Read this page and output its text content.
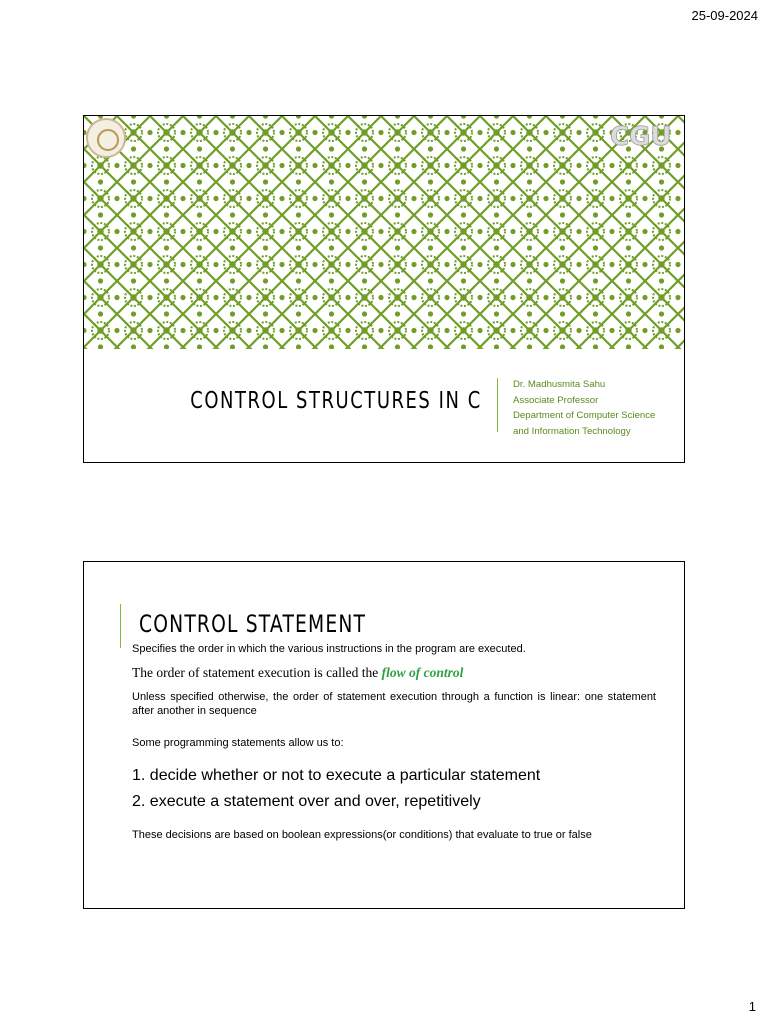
25-09-2024
CGU
CONTROL STRUCTURES IN C
Dr. Madhusmita Sahu
Associate Professor
Department of Computer Science
and Information Technology
CONTROL STATEMENT
Specifies the order in which the various instructions in the program are executed.
The order of statement execution is called the flow of control
Unless specified otherwise, the order of statement execution through a function is linear: one statement after another in sequence
Some programming statements allow us to:
1. decide whether or not to execute a particular statement
2. execute a statement over and over, repetitively
These decisions are based on boolean expressions(or conditions) that evaluate to true or false
1
